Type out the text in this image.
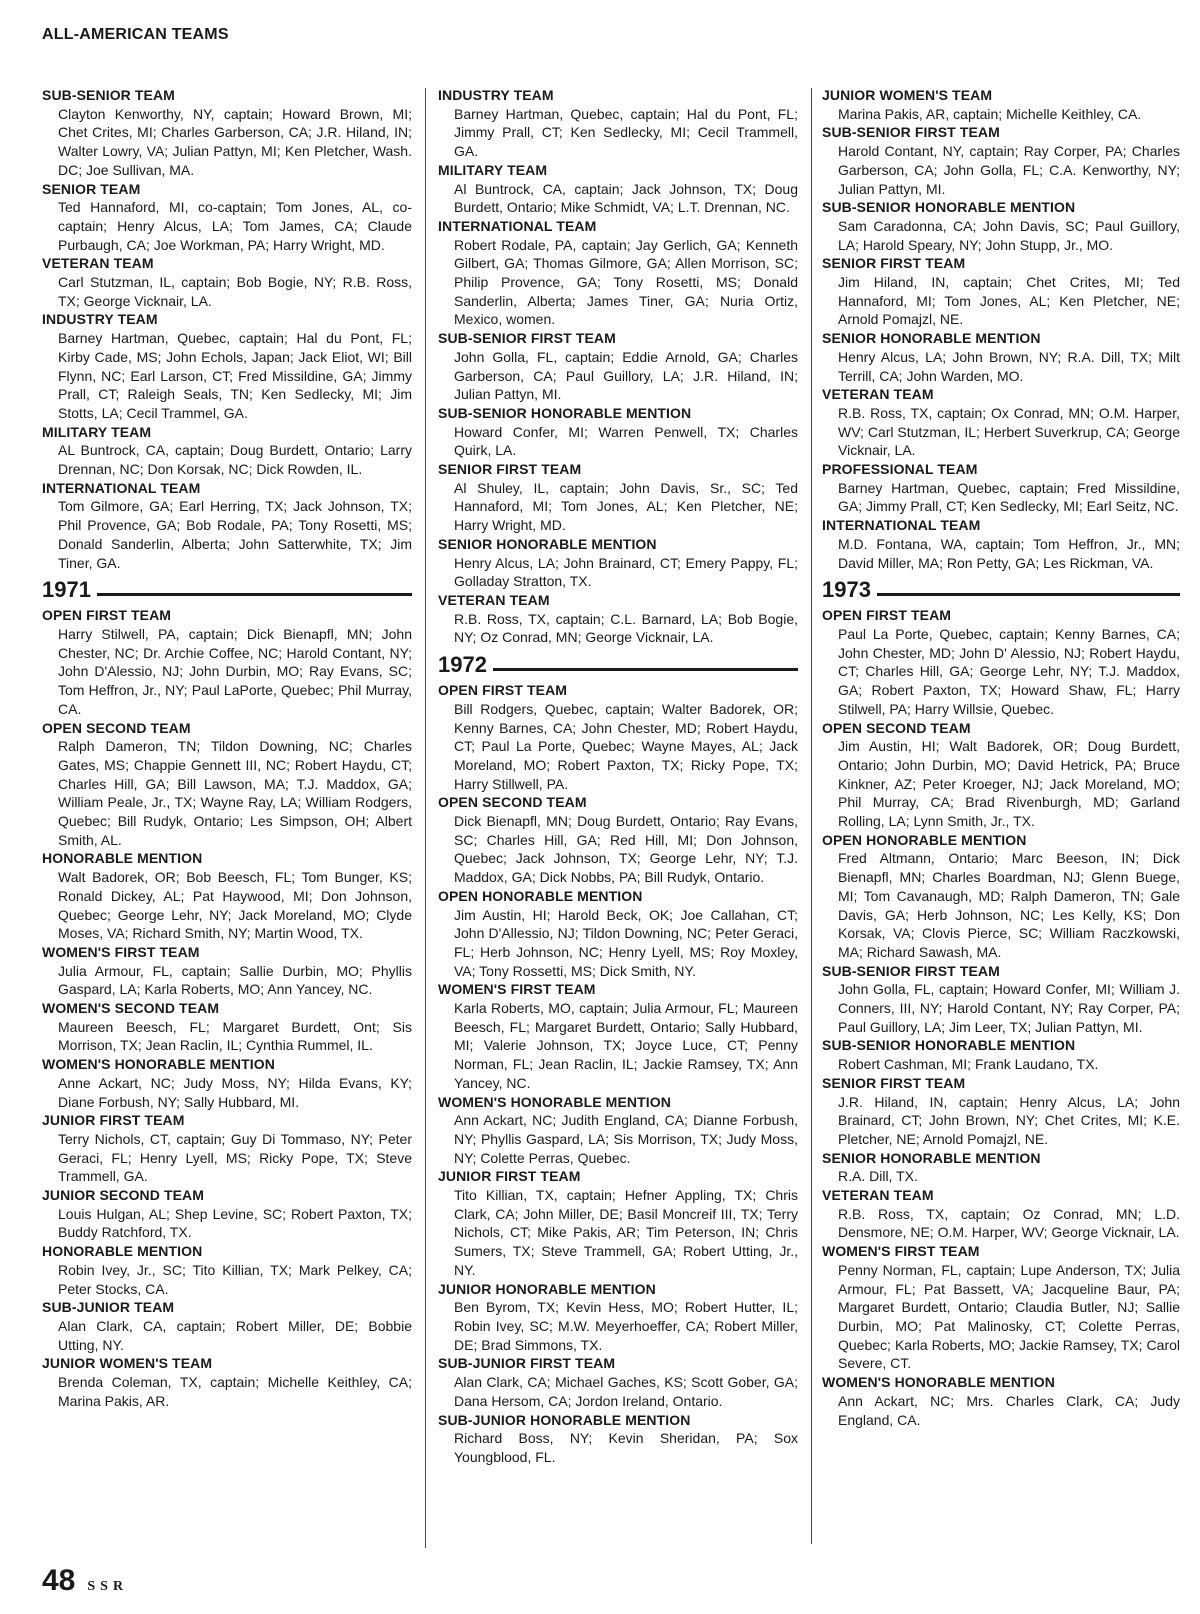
ALL-AMERICAN TEAMS
SUB-SENIOR TEAM

Clayton Kenworthy, NY, captain; Howard Brown, MI; Chet Crites, MI; Charles Garberson, CA; J.R. Hiland, IN; Walter Lowry, VA; Julian Pattyn, MI; Ken Pletcher, Wash. DC; Joe Sullivan, MA.

SENIOR TEAM

Ted Hannaford, MI, co-captain; Tom Jones, AL, co-captain; Henry Alcus, LA; Tom James, CA; Claude Purbaugh, CA; Joe Workman, PA; Harry Wright, MD.

VETERAN TEAM

Carl Stutzman, IL, captain; Bob Bogie, NY; R.B. Ross, TX; George Vicknair, LA.

INDUSTRY TEAM

Barney Hartman, Quebec, captain; Hal du Pont, FL; Kirby Cade, MS; John Echols, Japan; Jack Eliot, WI; Bill Flynn, NC; Earl Larson, CT; Fred Missildine, GA; Jimmy Prall, CT; Raleigh Seals, TN; Ken Sedlecky, MI; Jim Stotts, LA; Cecil Trammel, GA.

MILITARY TEAM

AL Buntrock, CA, captain; Doug Burdett, Ontario; Larry Drennan, NC; Don Korsak, NC; Dick Rowden, IL.

INTERNATIONAL TEAM

Tom Gilmore, GA; Earl Herring, TX; Jack Johnson, TX; Phil Provence, GA; Bob Rodale, PA; Tony Rosetti, MS; Donald Sanderlin, Alberta; John Satterwhite, TX; Jim Tiner, GA.

1971
OPEN FIRST TEAM

Harry Stilwell, PA, captain; Dick Bienapfl, MN; John Chester, NC; Dr. Archie Coffee, NC; Harold Contant, NY; John D'Alessio, NJ; John Durbin, MO; Ray Evans, SC; Tom Heffron, Jr., NY; Paul LaPorte, Quebec; Phil Murray, CA.

OPEN SECOND TEAM

Ralph Dameron, TN; Tildon Downing, NC; Charles Gates, MS; Chappie Gennett III, NC; Robert Haydu, CT; Charles Hill, GA; Bill Lawson, MA; T.J. Maddox, GA; William Peale, Jr., TX; Wayne Ray, LA; William Rodgers, Quebec; Bill Rudyk, Ontario; Les Simpson, OH; Albert Smith, AL.

HONORABLE MENTION

Walt Badorek, OR; Bob Beesch, FL; Tom Bunger, KS; Ronald Dickey, AL; Pat Haywood, MI; Don Johnson, Quebec; George Lehr, NY; Jack Moreland, MO; Clyde Moses, VA; Richard Smith, NY; Martin Wood, TX.

WOMEN'S FIRST TEAM

Julia Armour, FL, captain; Sallie Durbin, MO; Phyllis Gaspard, LA; Karla Roberts, MO; Ann Yancey, NC.

WOMEN'S SECOND TEAM

Maureen Beesch, FL; Margaret Burdett, Ont; Sis Morrison, TX; Jean Raclin, IL; Cynthia Rummel, IL.

WOMEN'S HONORABLE MENTION

Anne Ackart, NC; Judy Moss, NY; Hilda Evans, KY; Diane Forbush, NY; Sally Hubbard, MI.

JUNIOR FIRST TEAM

Terry Nichols, CT, captain; Guy Di Tommaso, NY; Peter Geraci, FL; Henry Lyell, MS; Ricky Pope, TX; Steve Trammell, GA.

JUNIOR SECOND TEAM

Louis Hulgan, AL; Shep Levine, SC; Robert Paxton, TX; Buddy Ratchford, TX.

HONORABLE MENTION

Robin Ivey, Jr., SC; Tito Killian, TX; Mark Pelkey, CA; Peter Stocks, CA.

SUB-JUNIOR TEAM

Alan Clark, CA, captain; Robert Miller, DE; Bobbie Utting, NY.

JUNIOR WOMEN'S TEAM

Brenda Coleman, TX, captain; Michelle Keithley, CA; Marina Pakis, AR.

INDUSTRY TEAM

Barney Hartman, Quebec, captain; Hal du Pont, FL; Jimmy Prall, CT; Ken Sedlecky, MI; Cecil Trammell, GA.

MILITARY TEAM

Al Buntrock, CA, captain; Jack Johnson, TX; Doug Burdett, Ontario; Mike Schmidt, VA; L.T. Drennan, NC.

INTERNATIONAL TEAM

Robert Rodale, PA, captain; Jay Gerlich, GA; Kenneth Gilbert, GA; Thomas Gilmore, GA; Allen Morrison, SC; Philip Provence, GA; Tony Rosetti, MS; Donald Sanderlin, Alberta; James Tiner, GA; Nuria Ortiz, Mexico, women.

SUB-SENIOR FIRST TEAM

John Golla, FL, captain; Eddie Arnold, GA; Charles Garberson, CA; Paul Guillory, LA; J.R. Hiland, IN; Julian Pattyn, MI.

SUB-SENIOR HONORABLE MENTION

Howard Confer, MI; Warren Penwell, TX; Charles Quirk, LA.

SENIOR FIRST TEAM

Al Shuley, IL, captain; John Davis, Sr., SC; Ted Hannaford, MI; Tom Jones, AL; Ken Pletcher, NE; Harry Wright, MD.

SENIOR HONORABLE MENTION

Henry Alcus, LA; John Brainard, CT; Emery Pappy, FL; Golladay Stratton, TX.

VETERAN TEAM

R.B. Ross, TX, captain; C.L. Barnard, LA; Bob Bogie, NY; Oz Conrad, MN; George Vicknair, LA.

1972
OPEN FIRST TEAM

Bill Rodgers, Quebec, captain; Walter Badorek, OR; Kenny Barnes, CA; John Chester, MD; Robert Haydu, CT; Paul La Porte, Quebec; Wayne Mayes, AL; Jack Moreland, MO; Robert Paxton, TX; Ricky Pope, TX; Harry Stillwell, PA.

OPEN SECOND TEAM

Dick Bienapfl, MN; Doug Burdett, Ontario; Ray Evans, SC; Charles Hill, GA; Red Hill, MI; Don Johnson, Quebec; Jack Johnson, TX; George Lehr, NY; T.J. Maddox, GA; Dick Nobbs, PA; Bill Rudyk, Ontario.

OPEN HONORABLE MENTION

Jim Austin, HI; Harold Beck, OK; Joe Callahan, CT; John D'Allessio, NJ; Tildon Downing, NC; Peter Geraci, FL; Herb Johnson, NC; Henry Lyell, MS; Roy Moxley, VA; Tony Rossetti, MS; Dick Smith, NY.

WOMEN'S FIRST TEAM

Karla Roberts, MO, captain; Julia Armour, FL; Maureen Beesch, FL; Margaret Burdett, Ontario; Sally Hubbard, MI; Valerie Johnson, TX; Joyce Luce, CT; Penny Norman, FL; Jean Raclin, IL; Jackie Ramsey, TX; Ann Yancey, NC.

WOMEN'S HONORABLE MENTION

Ann Ackart, NC; Judith England, CA; Dianne Forbush, NY; Phyllis Gaspard, LA; Sis Morrison, TX; Judy Moss, NY; Colette Perras, Quebec.

JUNIOR FIRST TEAM

Tito Killian, TX, captain; Hefner Appling, TX; Chris Clark, CA; John Miller, DE; Basil Moncreif III, TX; Terry Nichols, CT; Mike Pakis, AR; Tim Peterson, IN; Chris Sumers, TX; Steve Trammell, GA; Robert Utting, Jr., NY.

JUNIOR HONORABLE MENTION

Ben Byrom, TX; Kevin Hess, MO; Robert Hutter, IL; Robin Ivey, SC; M.W. Meyerhoeffer, CA; Robert Miller, DE; Brad Simmons, TX.

SUB-JUNIOR FIRST TEAM

Alan Clark, CA; Michael Gaches, KS; Scott Gober, GA; Dana Hersom, CA; Jordon Ireland, Ontario.

SUB-JUNIOR HONORABLE MENTION

Richard Boss, NY; Kevin Sheridan, PA; Sox Youngblood, FL.

JUNIOR WOMEN'S TEAM

Marina Pakis, AR, captain; Michelle Keithley, CA.

SUB-SENIOR FIRST TEAM

Harold Contant, NY, captain; Ray Corper, PA; Charles Garberson, CA; John Golla, FL; C.A. Kenworthy, NY; Julian Pattyn, MI.

SUB-SENIOR HONORABLE MENTION

Sam Caradonna, CA; John Davis, SC; Paul Guillory, LA; Harold Speary, NY; John Stupp, Jr., MO.

SENIOR FIRST TEAM

Jim Hiland, IN, captain; Chet Crites, MI; Ted Hannaford, MI; Tom Jones, AL; Ken Pletcher, NE; Arnold Pomajzl, NE.

SENIOR HONORABLE MENTION

Henry Alcus, LA; John Brown, NY; R.A. Dill, TX; Milt Terrill, CA; John Warden, MO.

VETERAN TEAM

R.B. Ross, TX, captain; Ox Conrad, MN; O.M. Harper, WV; Carl Stutzman, IL; Herbert Suverkrup, CA; George Vicknair, LA.

PROFESSIONAL TEAM

Barney Hartman, Quebec, captain; Fred Missildine, GA; Jimmy Prall, CT; Ken Sedlecky, MI; Earl Seitz, NC.

INTERNATIONAL TEAM

M.D. Fontana, WA, captain; Tom Heffron, Jr., MN; David Miller, MA; Ron Petty, GA; Les Rickman, VA.

1973
OPEN FIRST TEAM

Paul La Porte, Quebec, captain; Kenny Barnes, CA; John Chester, MD; John D' Alessio, NJ; Robert Haydu, CT; Charles Hill, GA; George Lehr, NY; T.J. Maddox, GA; Robert Paxton, TX; Howard Shaw, FL; Harry Stilwell, PA; Harry Willsie, Quebec.

OPEN SECOND TEAM

Jim Austin, HI; Walt Badorek, OR; Doug Burdett, Ontario; John Durbin, MO; David Hetrick, PA; Bruce Kinkner, AZ; Peter Kroeger, NJ; Jack Moreland, MO; Phil Murray, CA; Brad Rivenburgh, MD; Garland Rolling, LA; Lynn Smith, Jr., TX.

OPEN HONORABLE MENTION

Fred Altmann, Ontario; Marc Beeson, IN; Dick Bienapfl, MN; Charles Boardman, NJ; Glenn Buege, MI; Tom Cavanaugh, MD; Ralph Dameron, TN; Gale Davis, GA; Herb Johnson, NC; Les Kelly, KS; Don Korsak, VA; Clovis Pierce, SC; William Raczkowski, MA; Richard Sawash, MA.

SUB-SENIOR FIRST TEAM

John Golla, FL, captain; Howard Confer, MI; William J. Conners, III, NY; Harold Contant, NY; Ray Corper, PA; Paul Guillory, LA; Jim Leer, TX; Julian Pattyn, MI.

SUB-SENIOR HONORABLE MENTION

Robert Cashman, MI; Frank Laudano, TX.

SENIOR FIRST TEAM

J.R. Hiland, IN, captain; Henry Alcus, LA; John Brainard, CT; John Brown, NY; Chet Crites, MI; K.E. Pletcher, NE; Arnold Pomajzl, NE.

SENIOR HONORABLE MENTION

R.A. Dill, TX.

VETERAN TEAM

R.B. Ross, TX, captain; Oz Conrad, MN; L.D. Densmore, NE; O.M. Harper, WV; George Vicknair, LA.

WOMEN'S FIRST TEAM

Penny Norman, FL, captain; Lupe Anderson, TX; Julia Armour, FL; Pat Bassett, VA; Jacqueline Baur, PA; Margaret Burdett, Ontario; Claudia Butler, NJ; Sallie Durbin, MO; Pat Malinosky, CT; Colette Perras, Quebec; Karla Roberts, MO; Jackie Ramsey, TX; Carol Severe, CT.

WOMEN'S HONORABLE MENTION

Ann Ackart, NC; Mrs. Charles Clark, CA; Judy England, CA.

48 SSR
